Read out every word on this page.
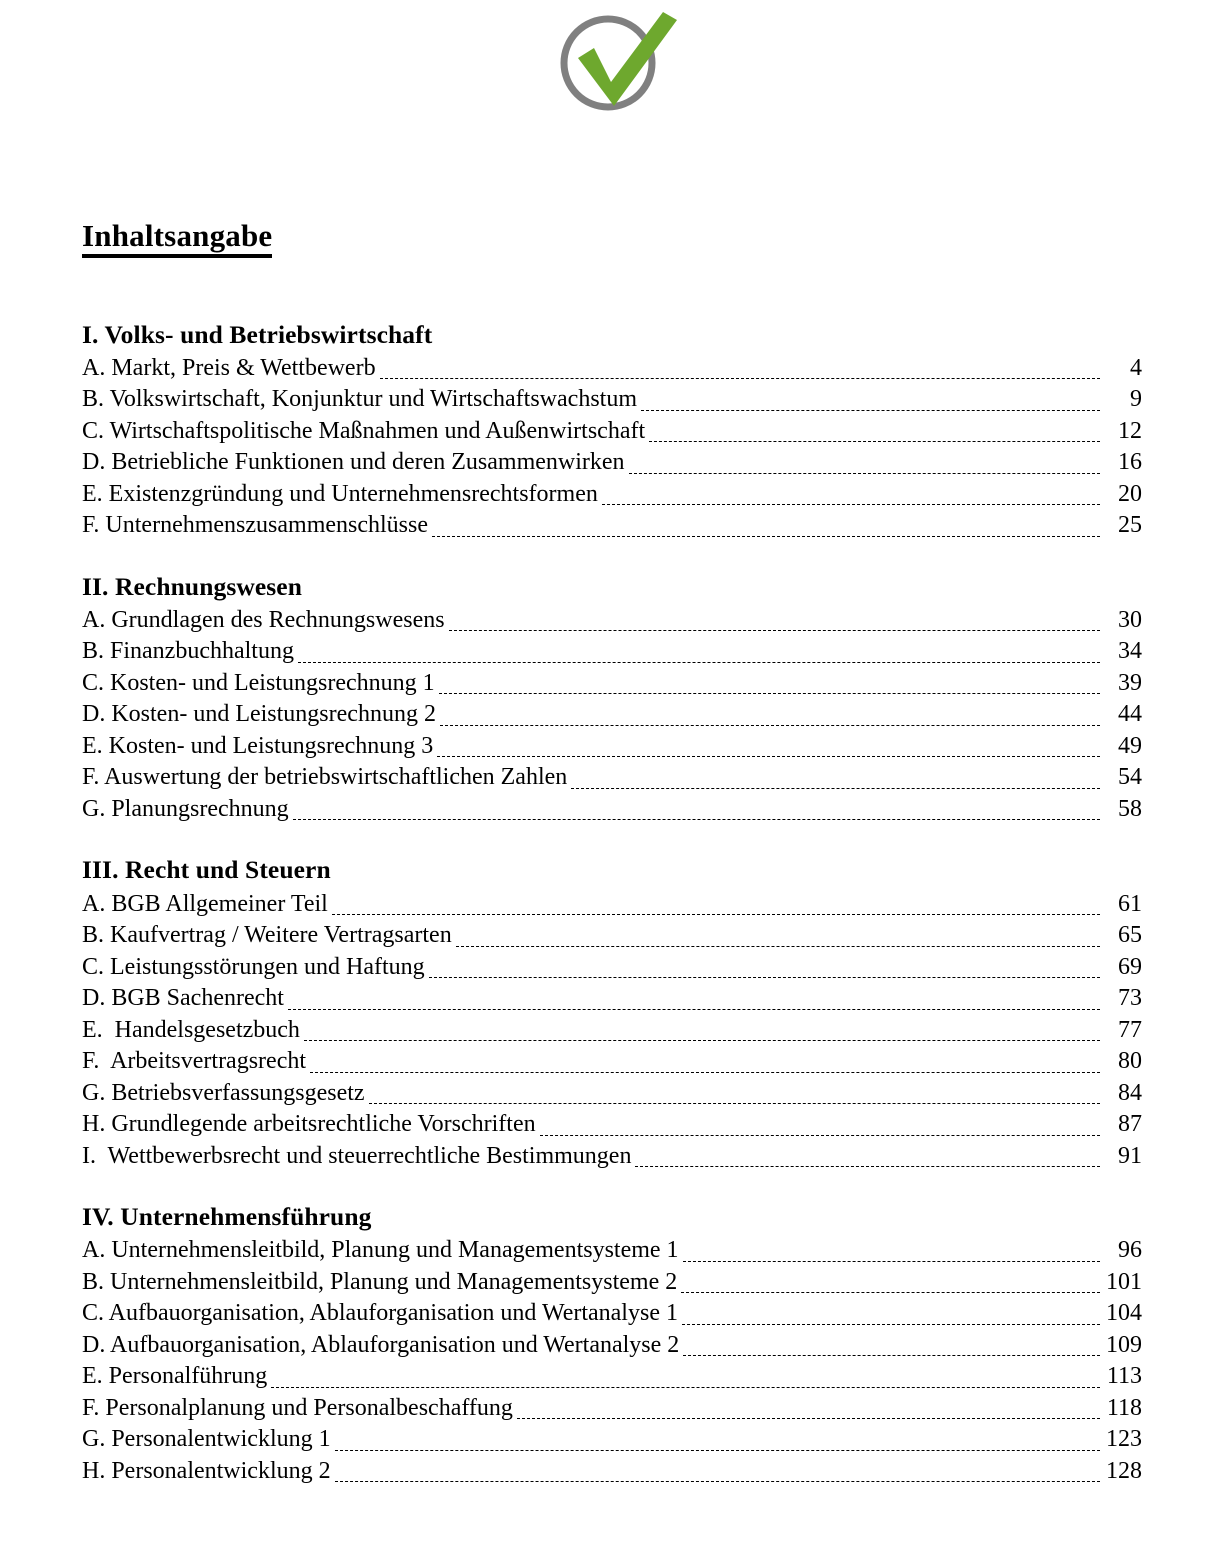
Inhaltsangabe
I. Volks- und Betriebswirtschaft
A. Markt, Preis & Wettbewerb	4
B. Volkswirtschaft, Konjunktur und Wirtschaftswachstum	9
C. Wirtschaftspolitische Maßnahmen und Außenwirtschaft	12
D. Betriebliche Funktionen und deren Zusammenwirken	16
E. Existenzgründung und Unternehmensrechtsformen	20
F. Unternehmenszusammenschlüsse	25
II. Rechnungswesen
A. Grundlagen des Rechnungswesens	30
B. Finanzbuchhaltung	34
C. Kosten- und Leistungsrechnung 1	39
D. Kosten- und Leistungsrechnung 2	44
E. Kosten- und Leistungsrechnung 3	49
F. Auswertung der betriebswirtschaftlichen Zahlen	54
G. Planungsrechnung	58
III. Recht und Steuern
A. BGB Allgemeiner Teil	61
B. Kaufvertrag / Weitere Vertragsarten	65
C. Leistungsstörungen und Haftung	69
D. BGB Sachenrecht	73
E.  Handelsgesetzbuch	77
F.  Arbeitsvertragsrecht	80
G. Betriebsverfassungsgesetz	84
H. Grundlegende arbeitsrechtliche Vorschriften	87
I.  Wettbewerbsrecht und steuerrechtliche Bestimmungen	91
IV. Unternehmensführung
A. Unternehmensleitbild, Planung und Managementsysteme 1	96
B. Unternehmensleitbild, Planung und Managementsysteme 2	101
C. Aufbauorganisation, Ablauforganisation und Wertanalyse 1	104
D. Aufbauorganisation, Ablauforganisation und Wertanalyse 2	109
E. Personalführung	113
F. Personalplanung und Personalbeschaffung	118
G. Personalentwicklung 1	123
H. Personalentwicklung 2	128
